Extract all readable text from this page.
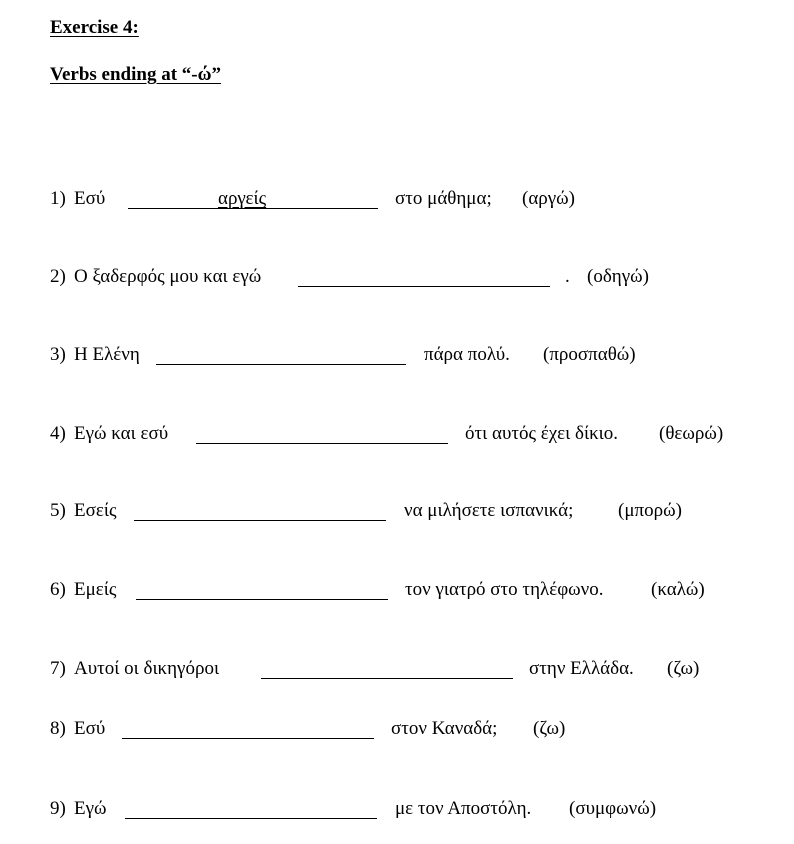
Exercise 4:
Verbs ending at “-ώ”
1) Εσύ	αργείς	στο μάθημα; (αργώ)
2) Ο ξαδερφός μου και εγώ	. (οδηγώ)
3) Η Ελένη	πάρα πολύ. (προσπαθώ)
4) Εγώ και εσύ	ότι αυτός έχει δίκιο. (θεωρώ)
5) Εσείς	να μιλήσετε ισπανικά; (μπορώ)
6) Εμείς	τον γιατρό στο τηλέφωνο. (καλώ)
7) Αυτοί οι δικηγόροι	στην Ελλάδα. (ζω)
8) Εσύ	στον Καναδά; (ζω)
9) Εγώ	με τον Αποστόλη. (συμφωνώ)
